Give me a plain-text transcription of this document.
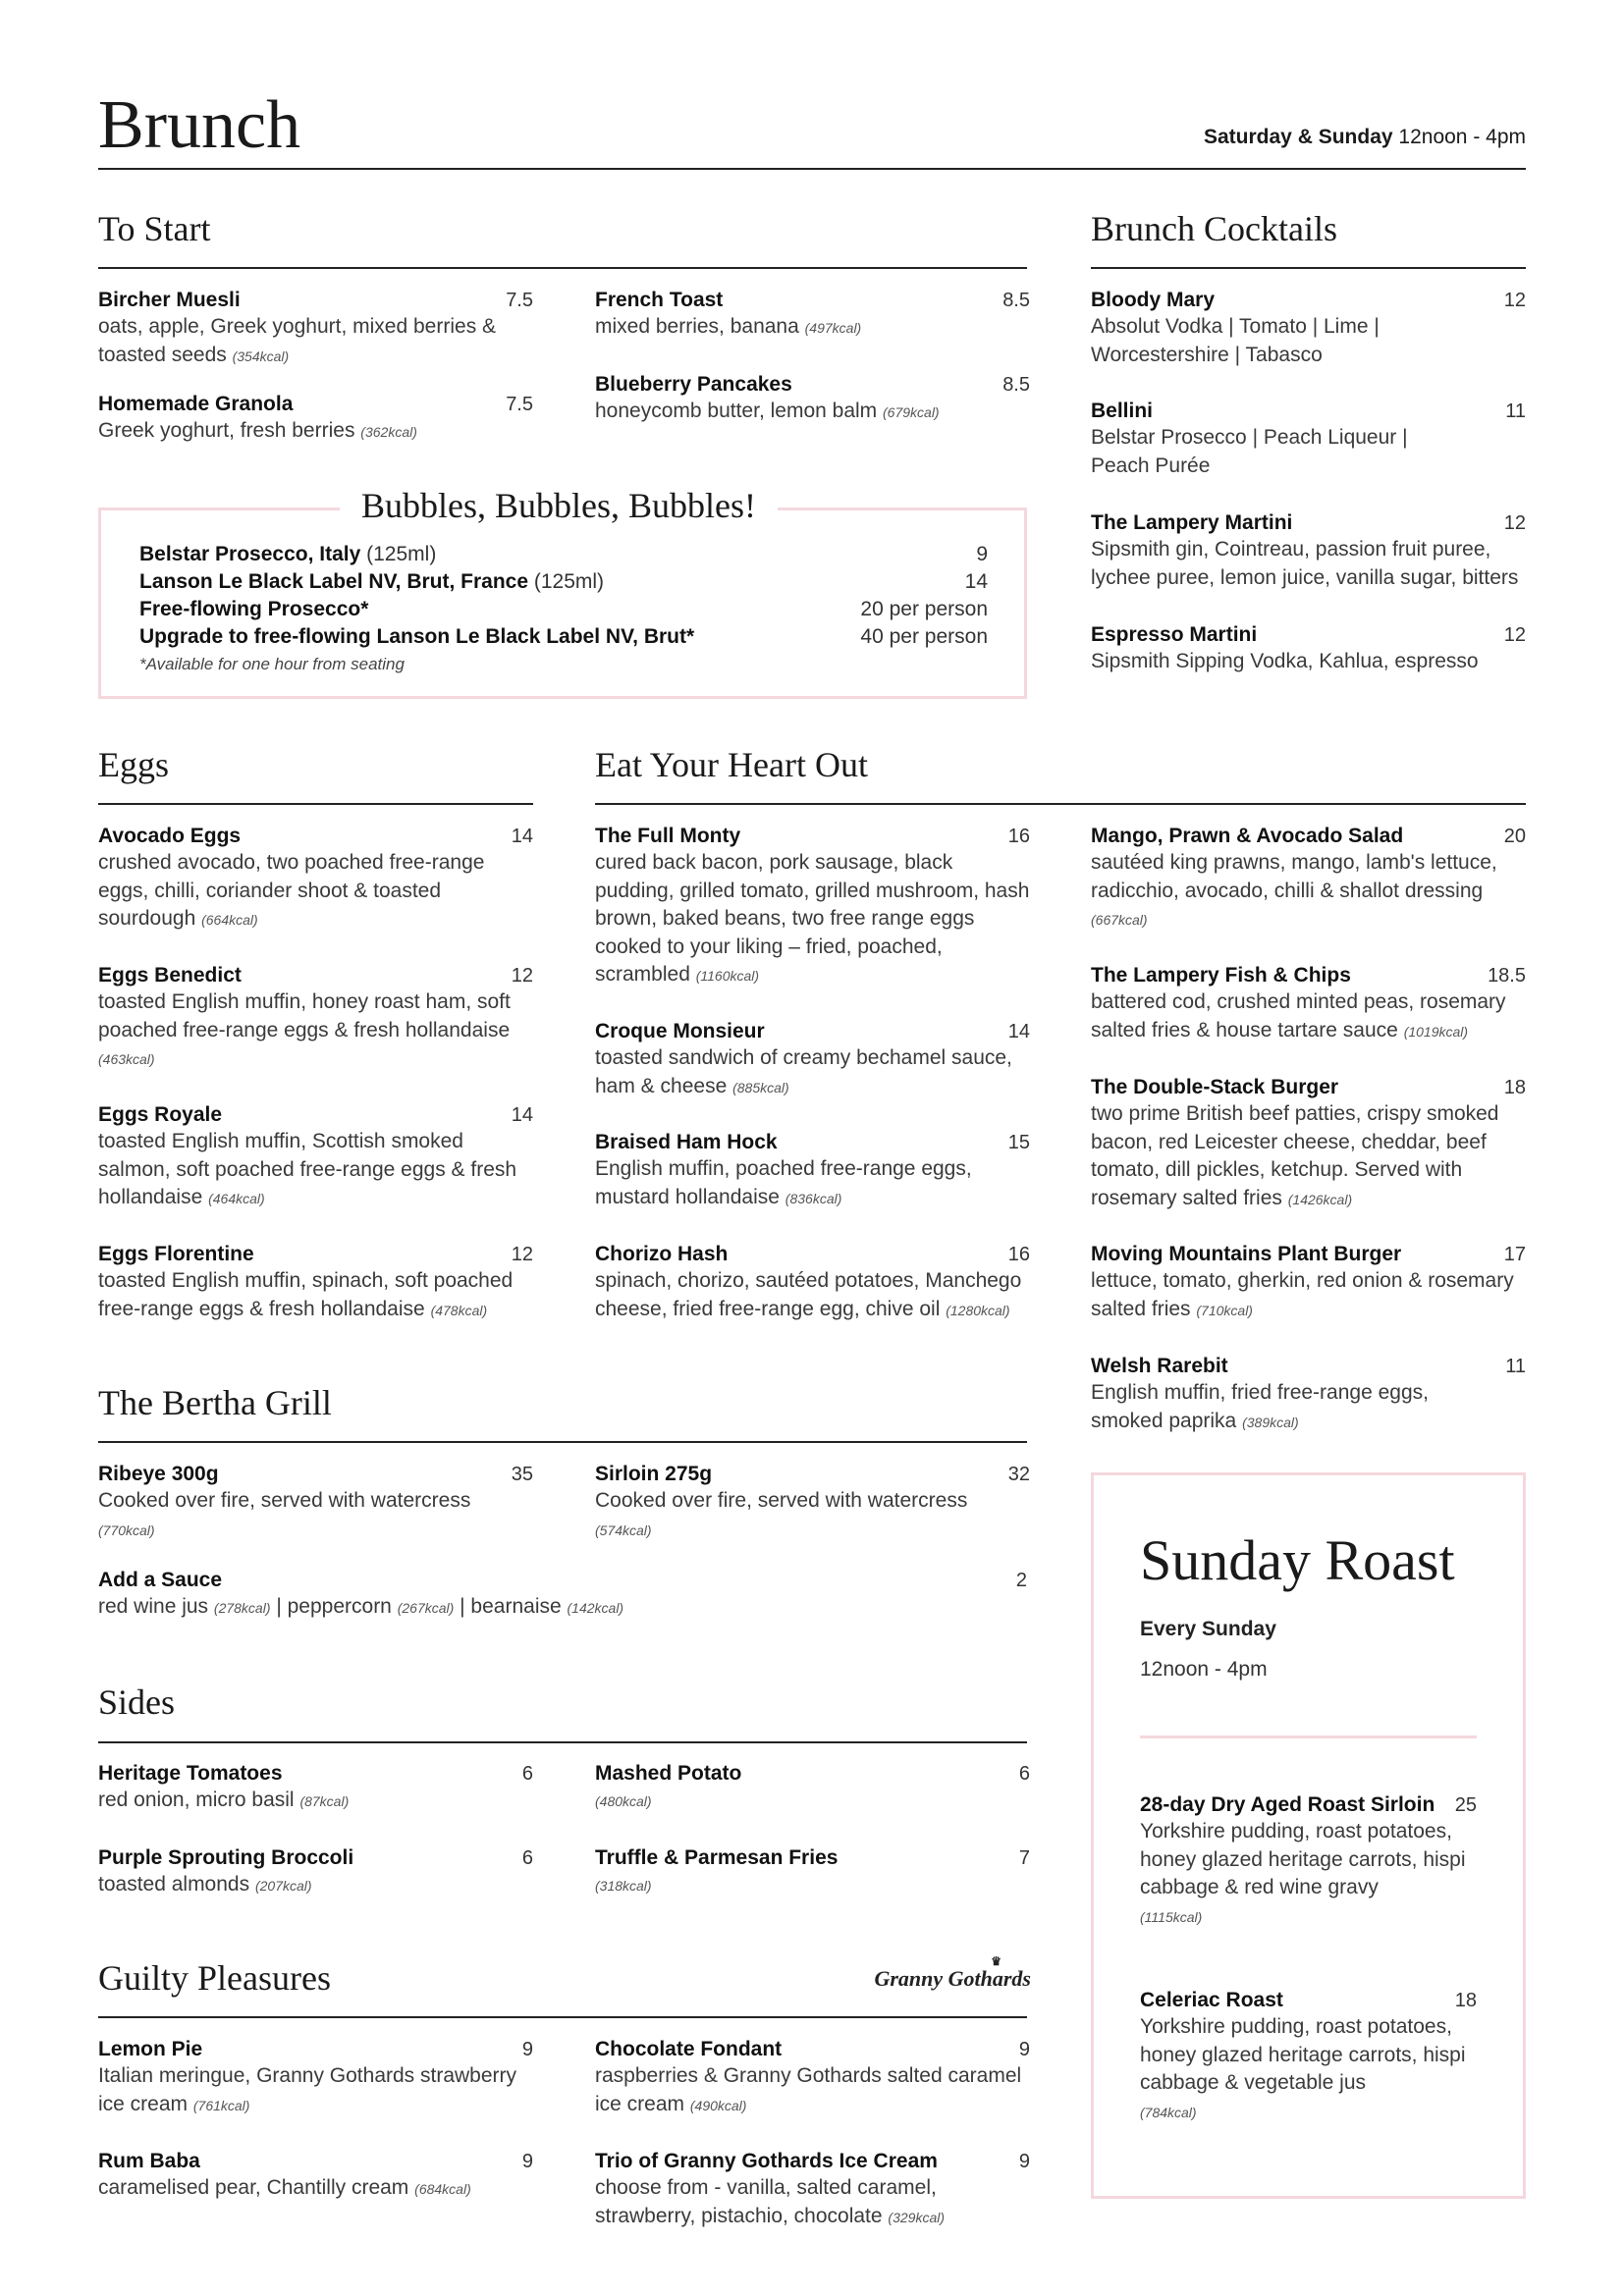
Brunch	Saturday & Sunday 12noon - 4pm
To Start
Bircher Muesli	7.5
oats, apple, Greek yoghurt, mixed berries & toasted seeds (354kcal)
Homemade Granola	7.5
Greek yoghurt, fresh berries (362kcal)
French Toast	8.5
mixed berries, banana (497kcal)
Blueberry Pancakes	8.5
honeycomb butter, lemon balm (679kcal)
Bubbles, Bubbles, Bubbles!
Belstar Prosecco, Italy (125ml)	9
Lanson Le Black Label NV, Brut, France (125ml)	14
Free-flowing Prosecco*	20 per person
Upgrade to free-flowing Lanson Le Black Label NV, Brut*	40 per person
*Available for one hour from seating
Brunch Cocktails
Bloody Mary	12
Absolut Vodka | Tomato | Lime | Worcestershire | Tabasco
Bellini	11
Belstar Prosecco | Peach Liqueur | Peach Purée
The Lampery Martini	12
Sipsmith gin, Cointreau, passion fruit puree, lychee puree, lemon juice, vanilla sugar, bitters
Espresso Martini	12
Sipsmith Sipping Vodka, Kahlua, espresso
Eggs
Avocado Eggs	14
crushed avocado, two poached free-range eggs, chilli, coriander shoot & toasted sourdough (664kcal)
Eggs Benedict	12
toasted English muffin, honey roast ham, soft poached free-range eggs & fresh hollandaise (463kcal)
Eggs Royale	14
toasted English muffin, Scottish smoked salmon, soft poached free-range eggs & fresh hollandaise (464kcal)
Eggs Florentine	12
toasted English muffin, spinach, soft poached free-range eggs & fresh hollandaise (478kcal)
Eat Your Heart Out
The Full Monty	16
cured back bacon, pork sausage, black pudding, grilled tomato, grilled mushroom, hash brown, baked beans, two free range eggs cooked to your liking – fried, poached, scrambled (1160kcal)
Croque Monsieur	14
toasted sandwich of creamy bechamel sauce, ham & cheese (885kcal)
Braised Ham Hock	15
English muffin, poached free-range eggs, mustard hollandaise (836kcal)
Chorizo Hash	16
spinach, chorizo, sautéed potatoes, Manchego cheese, fried free-range egg, chive oil (1280kcal)
Mango, Prawn & Avocado Salad	20
sautéed king prawns, mango, lamb's lettuce, radicchio, avocado, chilli & shallot dressing (667kcal)
The Lampery Fish & Chips	18.5
battered cod, crushed minted peas, rosemary salted fries & house tartare sauce (1019kcal)
The Double-Stack Burger	18
two prime British beef patties, crispy smoked bacon, red Leicester cheese, cheddar, beef tomato, dill pickles, ketchup. Served with rosemary salted fries (1426kcal)
Moving Mountains Plant Burger	17
lettuce, tomato, gherkin, red onion & rosemary salted fries (710kcal)
Welsh Rarebit	11
English muffin, fried free-range eggs, smoked paprika (389kcal)
The Bertha Grill
Ribeye 300g	35
Cooked over fire, served with watercress
(770kcal)
Sirloin 275g	32
Cooked over fire, served with watercress
(574kcal)
Add a Sauce	2
red wine jus (278kcal) | peppercorn (267kcal) | bearnaise (142kcal)
Sides
Heritage Tomatoes	6
red onion, micro basil (87kcal)
Purple Sprouting Broccoli	6
toasted almonds (207kcal)
Mashed Potato	6
(480kcal)
Truffle & Parmesan Fries	7
(318kcal)
Guilty Pleasures	♛
Granny Gothards
Lemon Pie	9
Italian meringue, Granny Gothards strawberry ice cream (761kcal)
Rum Baba	9
caramelised pear, Chantilly cream (684kcal)
Chocolate Fondant	9
raspberries & Granny Gothards salted caramel ice cream (490kcal)
Trio of Granny Gothards Ice Cream	9
choose from - vanilla, salted caramel, strawberry, pistachio, chocolate (329kcal)
Sunday Roast
Every Sunday
12noon - 4pm
28-day Dry Aged Roast Sirloin 25
Yorkshire pudding, roast potatoes, honey glazed heritage carrots, hispi cabbage & red wine gravy
(1115kcal)
Celeriac Roast	18
Yorkshire pudding, roast potatoes, honey glazed heritage carrots, hispi cabbage & vegetable jus
(784kcal)
